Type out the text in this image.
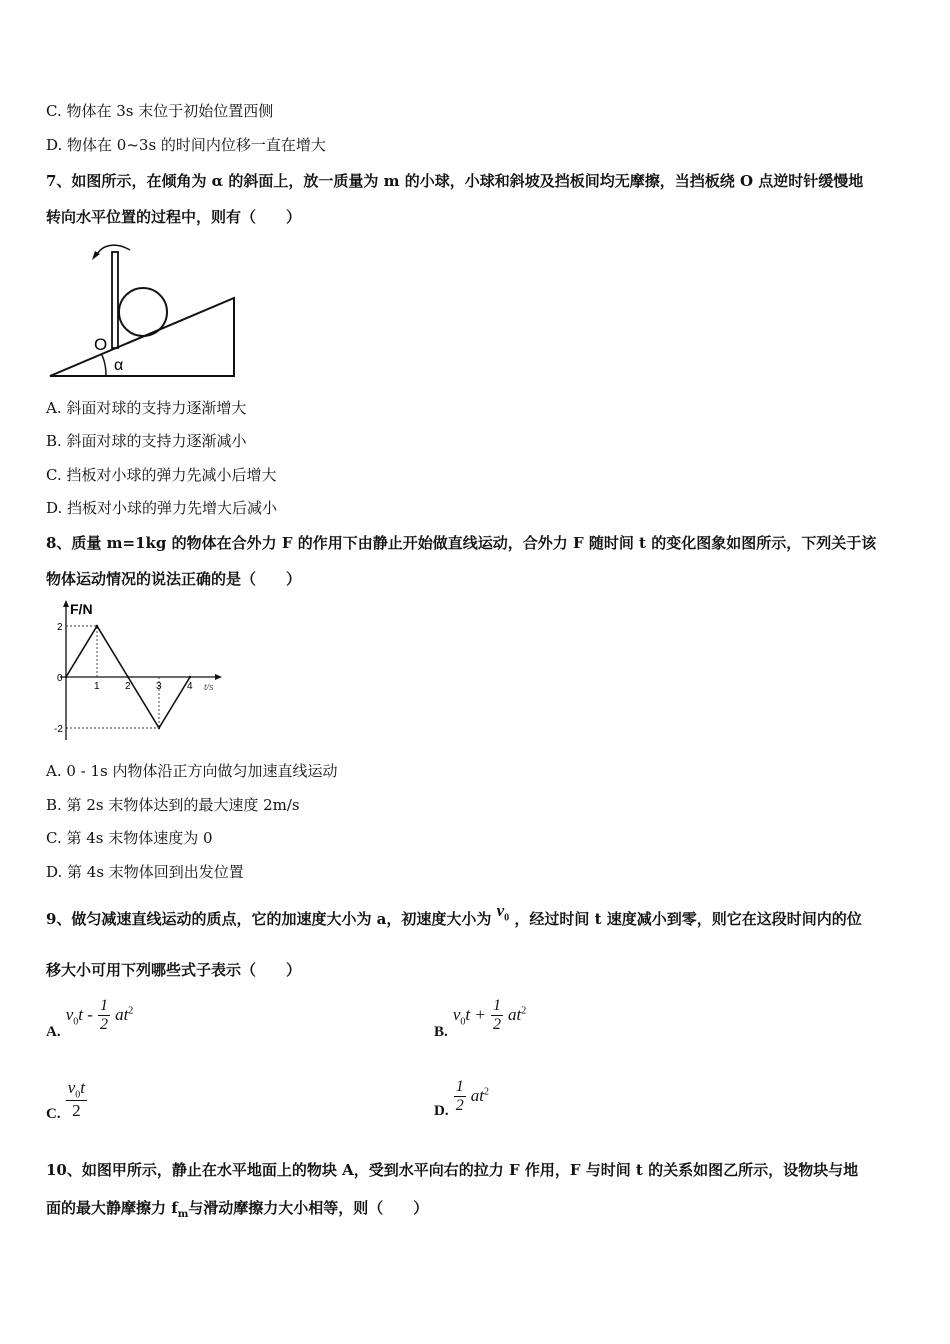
C. 物体在 3s 末位于初始位置西侧
D. 物体在 0~3s 的时间内位移一直在增大
7、如图所示，在倾角为 α 的斜面上，放一质量为 m 的小球，小球和斜坡及挡板间均无摩擦，当挡板绕 O 点逆时针缓慢地
转向水平位置的过程中，则有（　　）
O
α
A. 斜面对球的支持力逐渐增大
B. 斜面对球的支持力逐渐减小
C. 挡板对小球的弹力先减小后增大
D. 挡板对小球的弹力先增大后减小
8、质量 m=1kg 的物体在合外力 F 的作用下由静止开始做直线运动，合外力 F 随时间 t 的变化图象如图所示，下列关于该
物体运动情况的说法正确的是（　　）
F/N
t/s
0
1	2	3	4
2
-2
A. 0 - 1s 内物体沿正方向做匀加速直线运动
B. 第 2s 末物体达到的最大速度 2m/s
C. 第 4s 末物体速度为 0
D. 第 4s 末物体回到出发位置
9、做匀减速直线运动的质点，它的加速度大小为 a，初速度大小为 $v_0$ ，经过时间 t 速度减小到零，则它在这段时间内的位
移大小可用下列哪些式子表示（　　）
A. $v_0t - \frac{1}{2} at^2$
B. $v_0t + \frac{1}{2} at^2$
C. $\frac{v_0t}{2}$	D. $\frac{1}{2} at^2$
10、如图甲所示，静止在水平地面上的物块 A，受到水平向右的拉力 F 作用，F 与时间 t 的关系如图乙所示，设物块与地
面的最大静摩擦力 $f_m$与滑动摩擦力大小相等，则（　　）
